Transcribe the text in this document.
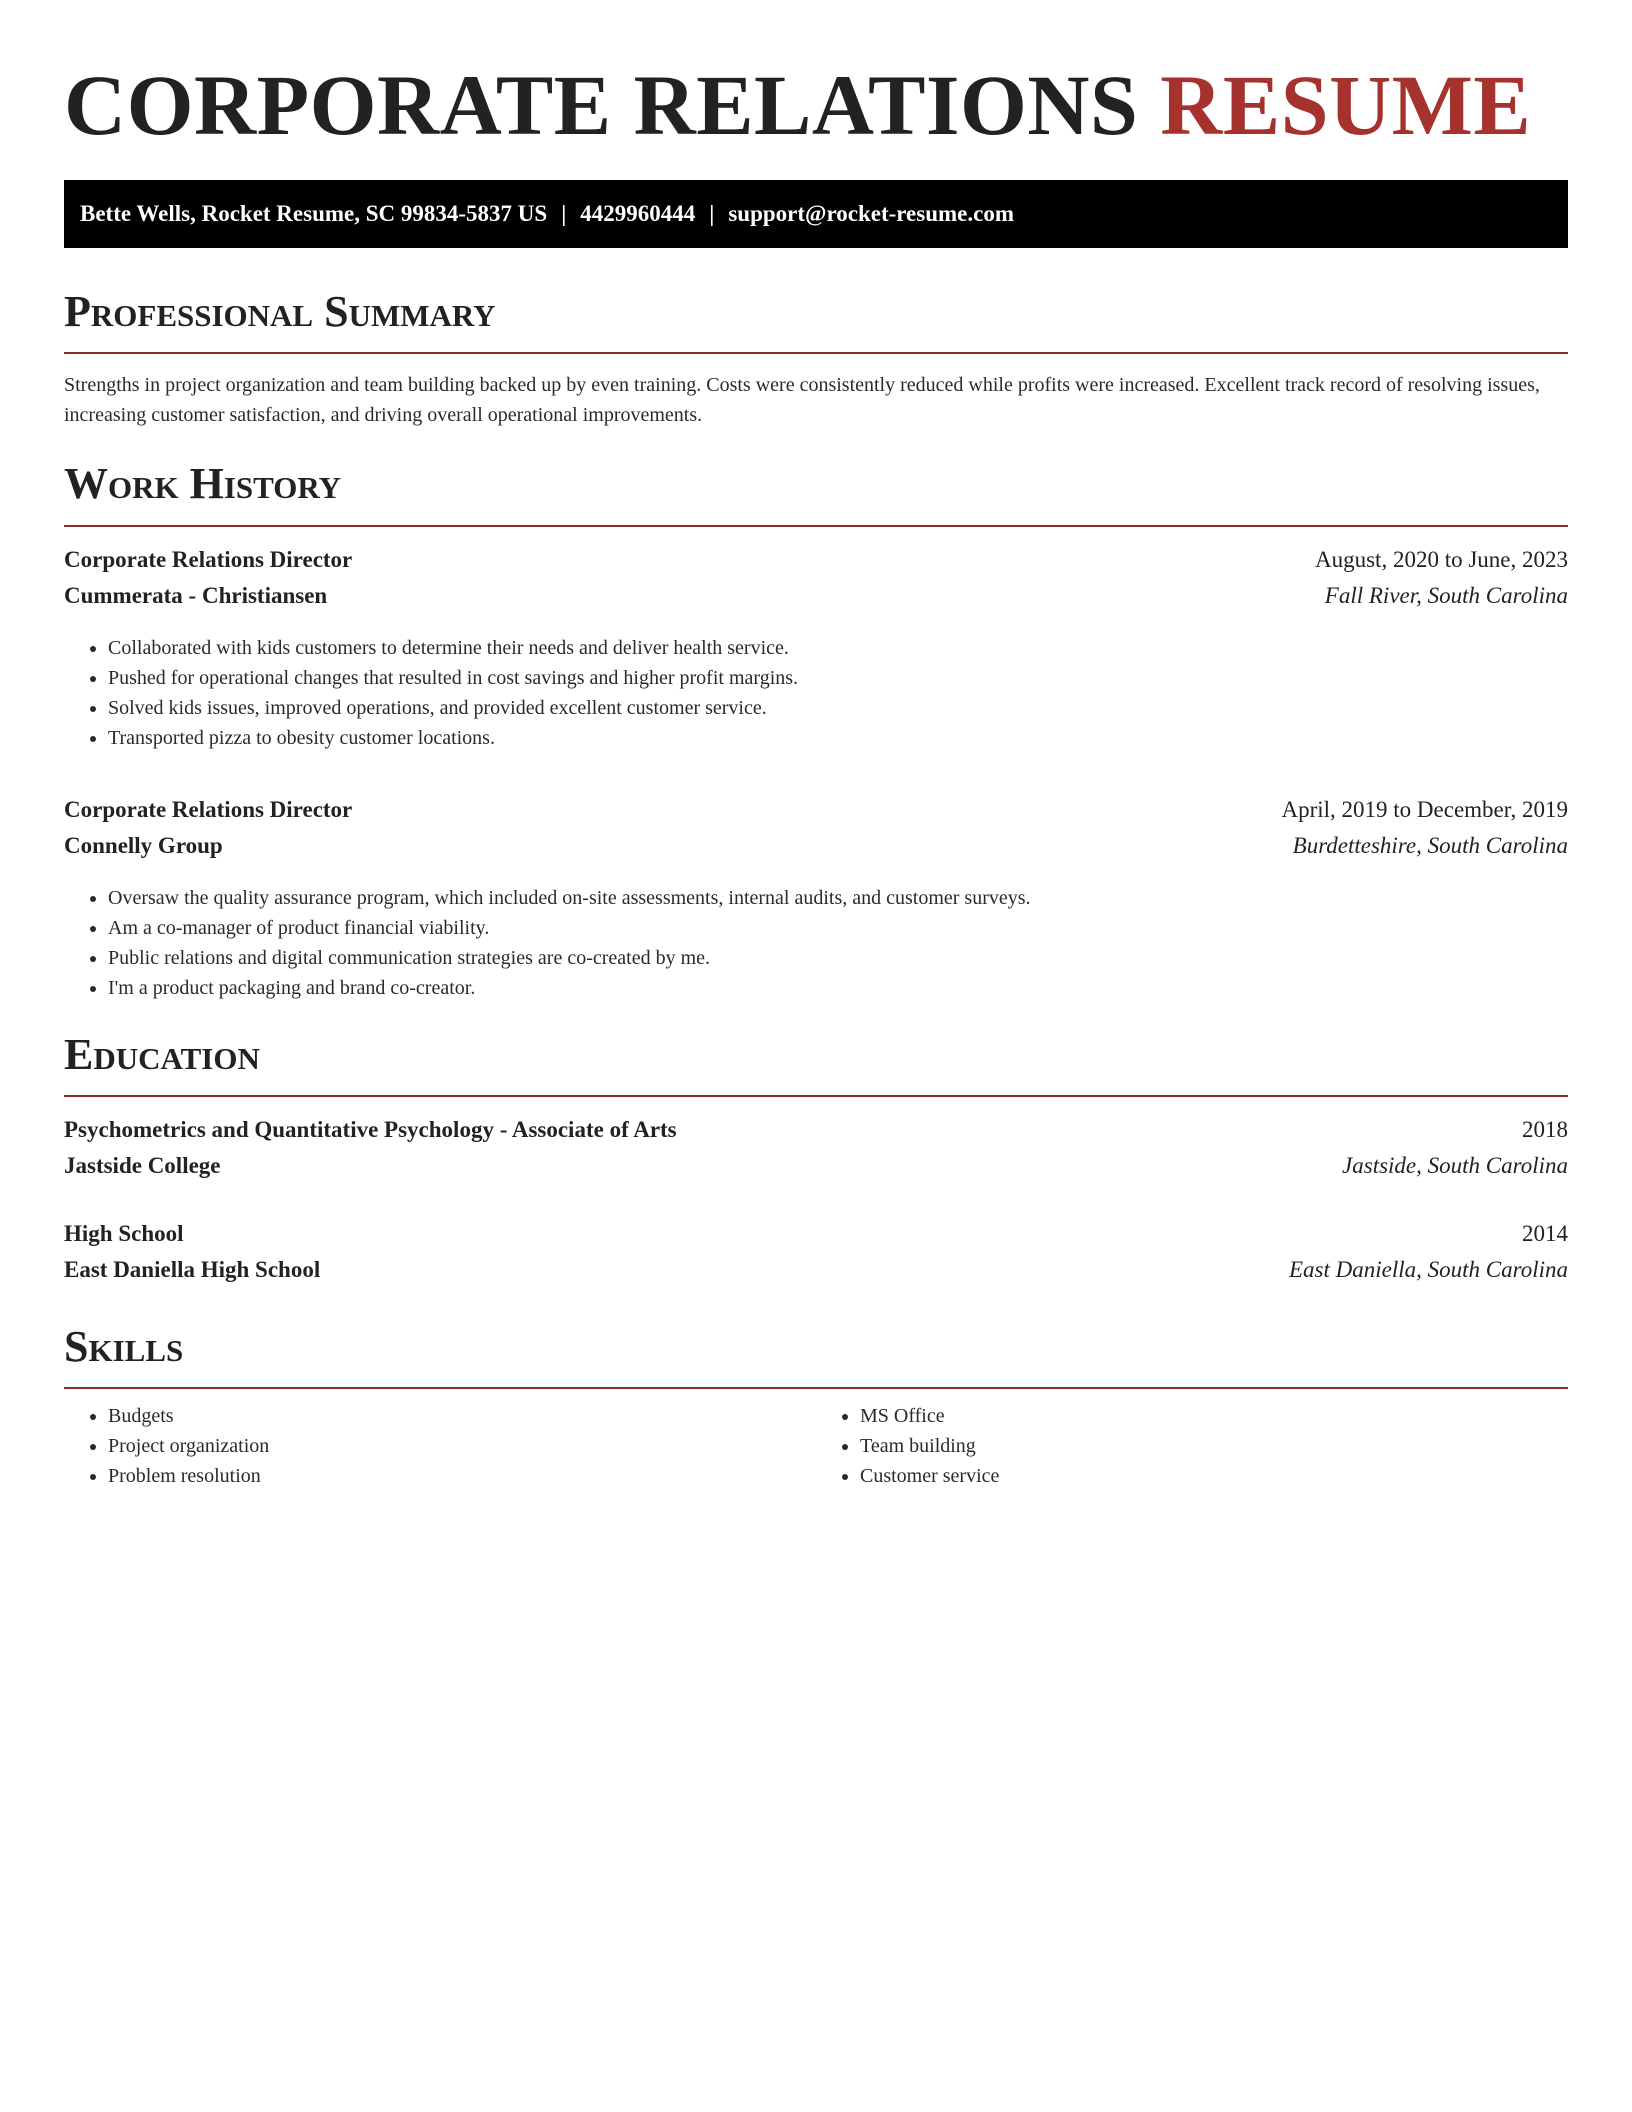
CORPORATE RELATIONS RESUME
Bette Wells, Rocket Resume, SC 99834-5837 US | 4429960444 | support@rocket-resume.com
Professional Summary

Strengths in project organization and team building backed up by even training. Costs were consistently reduced while profits were increased. Excellent track record of resolving issues, increasing customer satisfaction, and driving overall operational improvements.

Work History
Corporate Relations Director	August, 2020 to June, 2023
Cummerata - Christiansen	Fall River, South Carolina
• Collaborated with kids customers to determine their needs and deliver health service.
• Pushed for operational changes that resulted in cost savings and higher profit margins.
• Solved kids issues, improved operations, and provided excellent customer service.
• Transported pizza to obesity customer locations.
Corporate Relations Director	April, 2019 to December, 2019
Connelly Group	Burdetteshire, South Carolina
• Oversaw the quality assurance program, which included on-site assessments, internal audits, and customer surveys.
• Am a co-manager of product financial viability.
• Public relations and digital communication strategies are co-created by me.
• I'm a product packaging and brand co-creator.
Education
Psychometrics and Quantitative Psychology - Associate of Arts	2018
Jastside College	Jastside, South Carolina
High School	2014
East Daniella High School	East Daniella, South Carolina
Skills
• Budgets
• Project organization
• Problem resolution
• MS Office
• Team building
• Customer service
